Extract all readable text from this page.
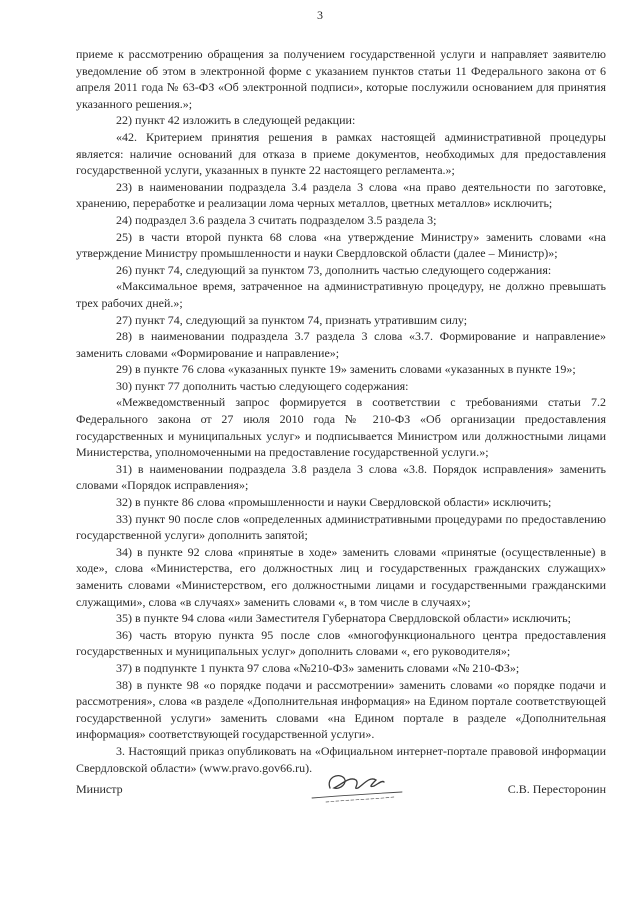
3

приеме к рассмотрению обращения за получением государственной услуги и направляет заявителю уведомление об этом в электронной форме с указанием пунктов статьи 11 Федерального закона от 6 апреля 2011 года № 63-ФЗ «Об электронной подписи», которые послужили основанием для принятия указанного решения.»;

22) пункт 42 изложить в следующей редакции:

«42. Критерием принятия решения в рамках настоящей административной процедуры является: наличие оснований для отказа в приеме документов, необходимых для предоставления государственной услуги, указанных в пункте 22 настоящего регламента.»;

23) в наименовании подраздела 3.4 раздела 3 слова «на право деятельности по заготовке, хранению, переработке и реализации лома черных металлов, цветных металлов» исключить;

24) подраздел 3.6 раздела 3 считать подразделом 3.5 раздела 3;

25) в части второй пункта 68 слова «на утверждение Министру» заменить словами «на утверждение Министру промышленности и науки Свердловской области (далее – Министр)»;

26) пункт 74, следующий за пунктом 73, дополнить частью следующего содержания:

«Максимальное время, затраченное на административную процедуру, не должно превышать трех рабочих дней.»;

27) пункт 74, следующий за пунктом 74, признать утратившим силу;

28) в наименовании подраздела 3.7 раздела 3 слова «3.7. Формирование и направление» заменить словами «Формирование и направление»;

29) в пункте 76 слова «указанных пункте 19» заменить словами «указанных в пункте 19»;

30) пункт 77 дополнить частью следующего содержания:

«Межведомственный запрос формируется в соответствии с требованиями статьи 7.2 Федерального закона от 27 июля 2010 года № 210-ФЗ «Об организации предоставления государственных и муниципальных услуг» и подписывается Министром или должностными лицами Министерства, уполномоченными на предоставление государственной услуги.»;

31) в наименовании подраздела 3.8 раздела 3 слова «3.8. Порядок исправления» заменить словами «Порядок исправления»;

32) в пункте 86 слова «промышленности и науки Свердловской области» исключить;

33) пункт 90 после слов «определенных административными процедурами по предоставлению государственной услуги» дополнить запятой;

34) в пункте 92 слова «принятые в ходе» заменить словами «принятые (осуществленные) в ходе», слова «Министерства, его должностных лиц и государственных гражданских служащих» заменить словами «Министерством, его должностными лицами и государственными гражданскими служащими», слова «в случаях» заменить словами «, в том числе в случаях»;

35) в пункте 94 слова «или Заместителя Губернатора Свердловской области» исключить;

36) часть вторую пункта 95 после слов «многофункционального центра предоставления государственных и муниципальных услуг» дополнить словами «, его руководителя»;

37) в подпункте 1 пункта 97 слова «№210-ФЗ» заменить словами «№ 210-ФЗ»;

38) в пункте 98 «о порядке подачи и рассмотрении» заменить словами «о порядке подачи и рассмотрения», слова «в разделе «Дополнительная информация» на Едином портале соответствующей государственной услуги» заменить словами «на Едином портале в разделе «Дополнительная информация» соответствующей государственной услуги».

3. Настоящий приказ опубликовать на «Официальном интернет-портале правовой информации Свердловской области» (www.pravo.gov66.ru).

Министр	С.В. Пересторонин
